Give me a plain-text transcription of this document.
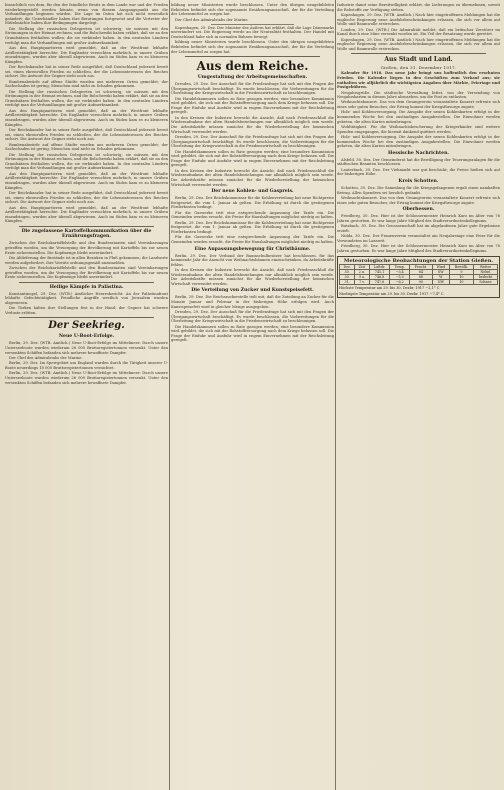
hinsichtlich von dem, für den der feindliche Besitz in dem Lande war und der Frieden wiederhergestellt werden könnte, wenn von diesem Ausgangspunkt aus die Verhandlungen beginnen würden. Die Lage im Osten hat sich nicht wesentlich geändert; die Unterhändler haben ihre Beratungen fortgesetzt und die Vertreter der Mittelmächte haben ihre Bedingungen dargelegt.

Die Stellung der russischen Delegierten ist schwierig; sie müssen mit den Strömungen in der Heimat rechnen, und die Bolschewiki haben erklärt, daß sie an den Grundsätzen festhalten wollen, die sie verkündet haben. In den neutralen Ländern verfolgt man die Verhandlungen mit großer Aufmerksamkeit.

Aus den Hauptquartieren wird gemeldet, daß an der Westfront lebhafte Artillerietätigkeit herrschte. Die Engländer versuchten mehrfach, in unsere Gräben einzudringen, wurden aber überall abgewiesen. Auch im Süden kam es zu kleineren Kämpfen.

Der Reichskanzler hat in seiner Rede ausgeführt, daß Deutschland jederzeit bereit sei, einen ehrenvollen Frieden zu schließen, der die Lebensinteressen des Reiches sichert. Die Antwort der Gegner steht noch aus.

Bombenabwürfe auf offene Städte wurden aus mehreren Orten gemeldet; der Sachschaden ist gering, Menschen sind nicht zu Schaden gekommen.

Die Stellung der russischen Delegierten ist schwierig; sie müssen mit den Strömungen in der Heimat rechnen, und die Bolschewiki haben erklärt, daß sie an den Grundsätzen festhalten wollen, die sie verkündet haben. In den neutralen Ländern verfolgt man die Verhandlungen mit großer Aufmerksamkeit.

Aus den Hauptquartieren wird gemeldet, daß an der Westfront lebhafte Artillerietätigkeit herrschte. Die Engländer versuchten mehrfach, in unsere Gräben einzudringen, wurden aber überall abgewiesen. Auch im Süden kam es zu kleineren Kämpfen.

Der Reichskanzler hat in seiner Rede ausgeführt, daß Deutschland jederzeit bereit sei, einen ehrenvollen Frieden zu schließen, der die Lebensinteressen des Reiches sichert. Die Antwort der Gegner steht noch aus.

Bombenabwürfe auf offene Städte wurden aus mehreren Orten gemeldet; der Sachschaden ist gering, Menschen sind nicht zu Schaden gekommen.

Die Stellung der russischen Delegierten ist schwierig; sie müssen mit den Strömungen in der Heimat rechnen, und die Bolschewiki haben erklärt, daß sie an den Grundsätzen festhalten wollen, die sie verkündet haben. In den neutralen Ländern verfolgt man die Verhandlungen mit großer Aufmerksamkeit.

Aus den Hauptquartieren wird gemeldet, daß an der Westfront lebhafte Artillerietätigkeit herrschte. Die Engländer versuchten mehrfach, in unsere Gräben einzudringen, wurden aber überall abgewiesen. Auch im Süden kam es zu kleineren Kämpfen.

Der Reichskanzler hat in seiner Rede ausgeführt, daß Deutschland jederzeit bereit sei, einen ehrenvollen Frieden zu schließen, der die Lebensinteressen des Reiches sichert. Die Antwort der Gegner steht noch aus.

Aus den Hauptquartieren wird gemeldet, daß an der Westfront lebhafte Artillerietätigkeit herrschte. Die Engländer versuchten mehrfach, in unsere Gräben einzudringen, wurden aber überall abgewiesen. Auch im Süden kam es zu kleineren Kämpfen.

Die zugelassene Kartoffelkommunikation über die Ernährungsfragen.

Zwischen der Reichskartoffelstelle und den Bundesstaaten sind Vereinbarungen getroffen worden, um die Versorgung der Bevölkerung mit Kartoffeln bis zur neuen Ernte sicherzustellen. Die Kopfmenge bleibt unverändert.

Die Ablieferung der Bestände ist in allen Bezirken in Fluß gekommen; die Landwirte werden aufgefordert, ihre Vorräte ordnungsgemäß anzumelden.

Zwischen der Reichskartoffelstelle und den Bundesstaaten sind Vereinbarungen getroffen worden, um die Versorgung der Bevölkerung mit Kartoffeln bis zur neuen Ernte sicherzustellen. Die Kopfmenge bleibt unverändert.

Heilige Kämpfe in Palästina.

Konstantinopel, 29. Dez. (WTB.) Amtlicher Heeresbericht: An der Palästinafront lebhafte Gefechtstätigkeit. Feindliche Angriffe westlich von Jerusalem wurden abgewiesen.

Die Türken halten ihre Stellungen fest in der Hand; der Gegner hat schwere Verluste erlitten.

Der Seekrieg.
Neue U-Boot-Erfolge.

Berlin, 29. Dez. (WTB. Amtlich.) Neue U-Boot-Erfolge im Mittelmeer: Durch unsere Unterseeboote wurden wiederum 26 000 Bruttoregistertonnen versenkt. Unter den versenkten Schiffen befanden sich mehrere bewaffnete Dampfer.

Der Chef des Admiralstabs der Marine.

Berlin, 29. Dez. Im Sperrgebiet um England wurden durch die Tätigkeit unserer U-Boote neuerdings 18 000 Bruttoregistertonnen vernichtet.

Berlin, 29. Dez. (WTB. Amtlich.) Neue U-Boot-Erfolge im Mittelmeer: Durch unsere Unterseeboote wurden wiederum 26 000 Bruttoregistertonnen versenkt. Unter den versenkten Schiffen befanden sich mehrere bewaffnete Dampfer.

bildung neuer Ministerien wurde beschlossen. Unter den übrigen neugebildeten Behörden befindet sich der sogenannte Ernährungsausschuß, der für die Verteilung der Lebensmittel zu sorgen hat.

Der Chef des Admiralstabs der Marine.

Kopenhagen, 29. Dez. Der Minister des Äußern hat erklärt, daß die Lage Dänemarks unverändert sei. Die Regierung werde an der Neutralität festhalten. Der Handel mit Deutschland habe sich in normalen Bahnen bewegt.

bildung neuer Ministerien wurde beschlossen. Unter den übrigen neugebildeten Behörden befindet sich der sogenannte Ernährungsausschuß, der für die Verteilung der Lebensmittel zu sorgen hat.

Aus dem Reiche.
Umgestaltung der Arbeitsgemeinschaften.

Dresden, 29. Dez. Der Ausschuß für die Friedensfrage hat sich mit den Fragen der Übergangswirtschaft beschäftigt. Es wurde beschlossen, die Vorbereitungen für die Überleitung der Kriegswirtschaft in die Friedenswirtschaft zu beschleunigen.

Die Handelskammern sollen zu Rate gezogen werden; eine besondere Kommission wird gebildet, die sich mit der Rohstoffversorgung nach dem Kriege befassen soll. Die Frage der Einfuhr und Ausfuhr wird in engem Einvernehmen mit der Reichsleitung geregelt.

In den Kreisen der Industrie herrscht die Ansicht, daß nach Friedensschluß die Wiederaufnahme der alten Handelsbeziehungen nur allmählich möglich sein werde. Die Arbeitskräfte müssen zunächst für die Wiederherstellung der heimischen Wirtschaft verwendet werden.

Dresden, 29. Dez. Der Ausschuß für die Friedensfrage hat sich mit den Fragen der Übergangswirtschaft beschäftigt. Es wurde beschlossen, die Vorbereitungen für die Überleitung der Kriegswirtschaft in die Friedenswirtschaft zu beschleunigen.

Die Handelskammern sollen zu Rate gezogen werden; eine besondere Kommission wird gebildet, die sich mit der Rohstoffversorgung nach dem Kriege befassen soll. Die Frage der Einfuhr und Ausfuhr wird in engem Einvernehmen mit der Reichsleitung geregelt.

In den Kreisen der Industrie herrscht die Ansicht, daß nach Friedensschluß die Wiederaufnahme der alten Handelsbeziehungen nur allmählich möglich sein werde. Die Arbeitskräfte müssen zunächst für die Wiederherstellung der heimischen Wirtschaft verwendet werden.

Der neue Kohlen- und Gaspreis.

Berlin, 29. Dez. Der Reichskommissar für die Kohlenverteilung hat neue Richtpreise festgesetzt, die vom 1. Januar ab gelten. Die Erhöhung ist durch die gestiegenen Förderkosten bedingt.

Für die Gaswerke tritt eine entsprechende Anpassung der Tarife ein. Die Gemeinden werden ersucht, die Preise für Haushaltungen möglichst niedrig zu halten.

Berlin, 29. Dez. Der Reichskommissar für die Kohlenverteilung hat neue Richtpreise festgesetzt, die vom 1. Januar ab gelten. Die Erhöhung ist durch die gestiegenen Förderkosten bedingt.

Für die Gaswerke tritt eine entsprechende Anpassung der Tarife ein. Die Gemeinden werden ersucht, die Preise für Haushaltungen möglichst niedrig zu halten.

Eine Anpassungsbewegung für Christbäume.

Berlin, 29. Dez. Der Verband der Baumschulbesitzer hat beschlossen, für das kommende Jahr die Anzucht von Weihnachtsbäumen einzuschränken, da Arbeitskräfte fehlen.

In den Kreisen der Industrie herrscht die Ansicht, daß nach Friedensschluß die Wiederaufnahme der alten Handelsbeziehungen nur allmählich möglich sein werde. Die Arbeitskräfte müssen zunächst für die Wiederherstellung der heimischen Wirtschaft verwendet werden.

Die Verteilung von Zucker und Kunstspeisefett.

Berlin, 29. Dez. Die Reichszuckerstelle teilt mit, daß die Zuteilung an Zucker für die Monate Januar und Februar in der bisherigen Höhe erfolgen wird. Auch Kunstspeisefett wird in gleicher Menge ausgegeben.

Dresden, 29. Dez. Der Ausschuß für die Friedensfrage hat sich mit den Fragen der Übergangswirtschaft beschäftigt. Es wurde beschlossen, die Vorbereitungen für die Überleitung der Kriegswirtschaft in die Friedenswirtschaft zu beschleunigen.

Die Handelskammern sollen zu Rate gezogen werden; eine besondere Kommission wird gebildet, die sich mit der Rohstoffversorgung nach dem Kriege befassen soll. Die Frage der Einfuhr und Ausfuhr wird in engem Einvernehmen mit der Reichsleitung geregelt.

Industrie damit seine Bereitwilligkeit erklärt, die Lieferungen zu übernehmen, soweit die Rohstoffe zur Verfügung stehen.

Kopenhagen, 29. Dez. (WTB. Amtlich.) Nach hier eingetroffenen Meldungen hat die englische Regierung neue Ausfuhrbeschränkungen erlassen, die sich vor allem auf Wolle und Baumwolle erstrecken.

London, 29. Dez. (WTB.) Die Admiralität meldet, daß ein britischer Zerstörer im Kanal durch eine Mine versenkt worden ist. Ein Teil der Besatzung wurde gerettet.

Kopenhagen, 29. Dez. (WTB. Amtlich.) Nach hier eingetroffenen Meldungen hat die englische Regierung neue Ausfuhrbeschränkungen erlassen, die sich vor allem auf Wolle und Baumwolle erstrecken.

Aus Stadt und Land.
Gießen, den 31. Dezember 1917.

Kalender für 1918. Das neue Jahr bringt uns hoffentlich den ersehnten Frieden. Die Kalender liegen in den Geschäften zum Verkauf aus; sie enthalten wie alljährlich die wichtigsten Angaben über Märkte, Feiertage und Postgebühren.

Neujahrsgrüße. Die städtische Verwaltung bittet, von der Versendung von Neujahrskarten in diesem Jahre abzusehen, um die Post zu entlasten.

Weihnachtskonzert. Das von dem Gesangverein veranstaltete Konzert erfreute sich eines sehr guten Besuches; der Ertrag kommt der Kriegsfürsorge zugute.

Holz- und Kohlenversorgung. Die Ausgabe der neuen Kohlenkarten erfolgt in der kommenden Woche bei den zuständigen Ausgabestellen. Die Einwohner werden gebeten, die alten Karten mitzubringen.

Wohltätigkeit. Für die Weihnachtsbescherung der Kriegerkinder sind weitere Spenden eingegangen, die hiermit dankend quittiert werden.

Holz- und Kohlenversorgung. Die Ausgabe der neuen Kohlenkarten erfolgt in der kommenden Woche bei den zuständigen Ausgabestellen. Die Einwohner werden gebeten, die alten Karten mitzubringen.

Hessische Nachrichten.

Alsfeld, 30. Dez. Der Gemeinderat hat die Bewilligung der Teuerungszulagen für die städtischen Beamten beschlossen.

Lauterbach, 30. Dez. Der Viehmarkt war gut beschickt; die Preise hielten sich auf der bisherigen Höhe.

Kreis Schotten.

Schotten, 30. Dez. Die Sammlung für die Kriegsgefangenen ergab einen namhaften Betrag. Allen Spendern sei herzlich gedankt.

Weihnachtskonzert. Das von dem Gesangverein veranstaltete Konzert erfreute sich eines sehr guten Besuches; der Ertrag kommt der Kriegsfürsorge zugute.

Oberhessen.

Friedberg, 30. Dez. Hier ist der Schlossermeister Heinrich Kurz im Alter von 76 Jahren gestorben. Er war lange Jahre Mitglied des Stadtverordnetenkollegiums.

Butzbach, 30. Dez. Die Genossenschaft hat im abgelaufenen Jahre gute Ergebnisse erzielt.

Nidda, 30. Dez. Der Frauenverein veranstaltet am Neujahrstage eine Feier für die Verwundeten im Lazarett.

Friedberg, 30. Dez. Hier ist der Schlossermeister Heinrich Kurz im Alter von 76 Jahren gestorben. Er war lange Jahre Mitglied des Stadtverordnetenkollegiums.

Meteorologische Beobachtungen der Station Gießen.
Dez.	Zeit	Luftdr.	Temp.	Feucht.	Wind	Bewölk.	Wetter
30.	2 n.	745,1	−3,4	84	SW	9	Nebel
30.	9 a.	746,8	−5,0	88	W	10	bedeckt
31.	7 v.	747,6	−6,2	90	NW	10	Schnee
Höchste Temperatur am 29. bis 30. Dezbr. 1917 −2,1° C
Niedrigste Temperatur am 29. bis 30. Dezbr. 1917 −7,4° C
